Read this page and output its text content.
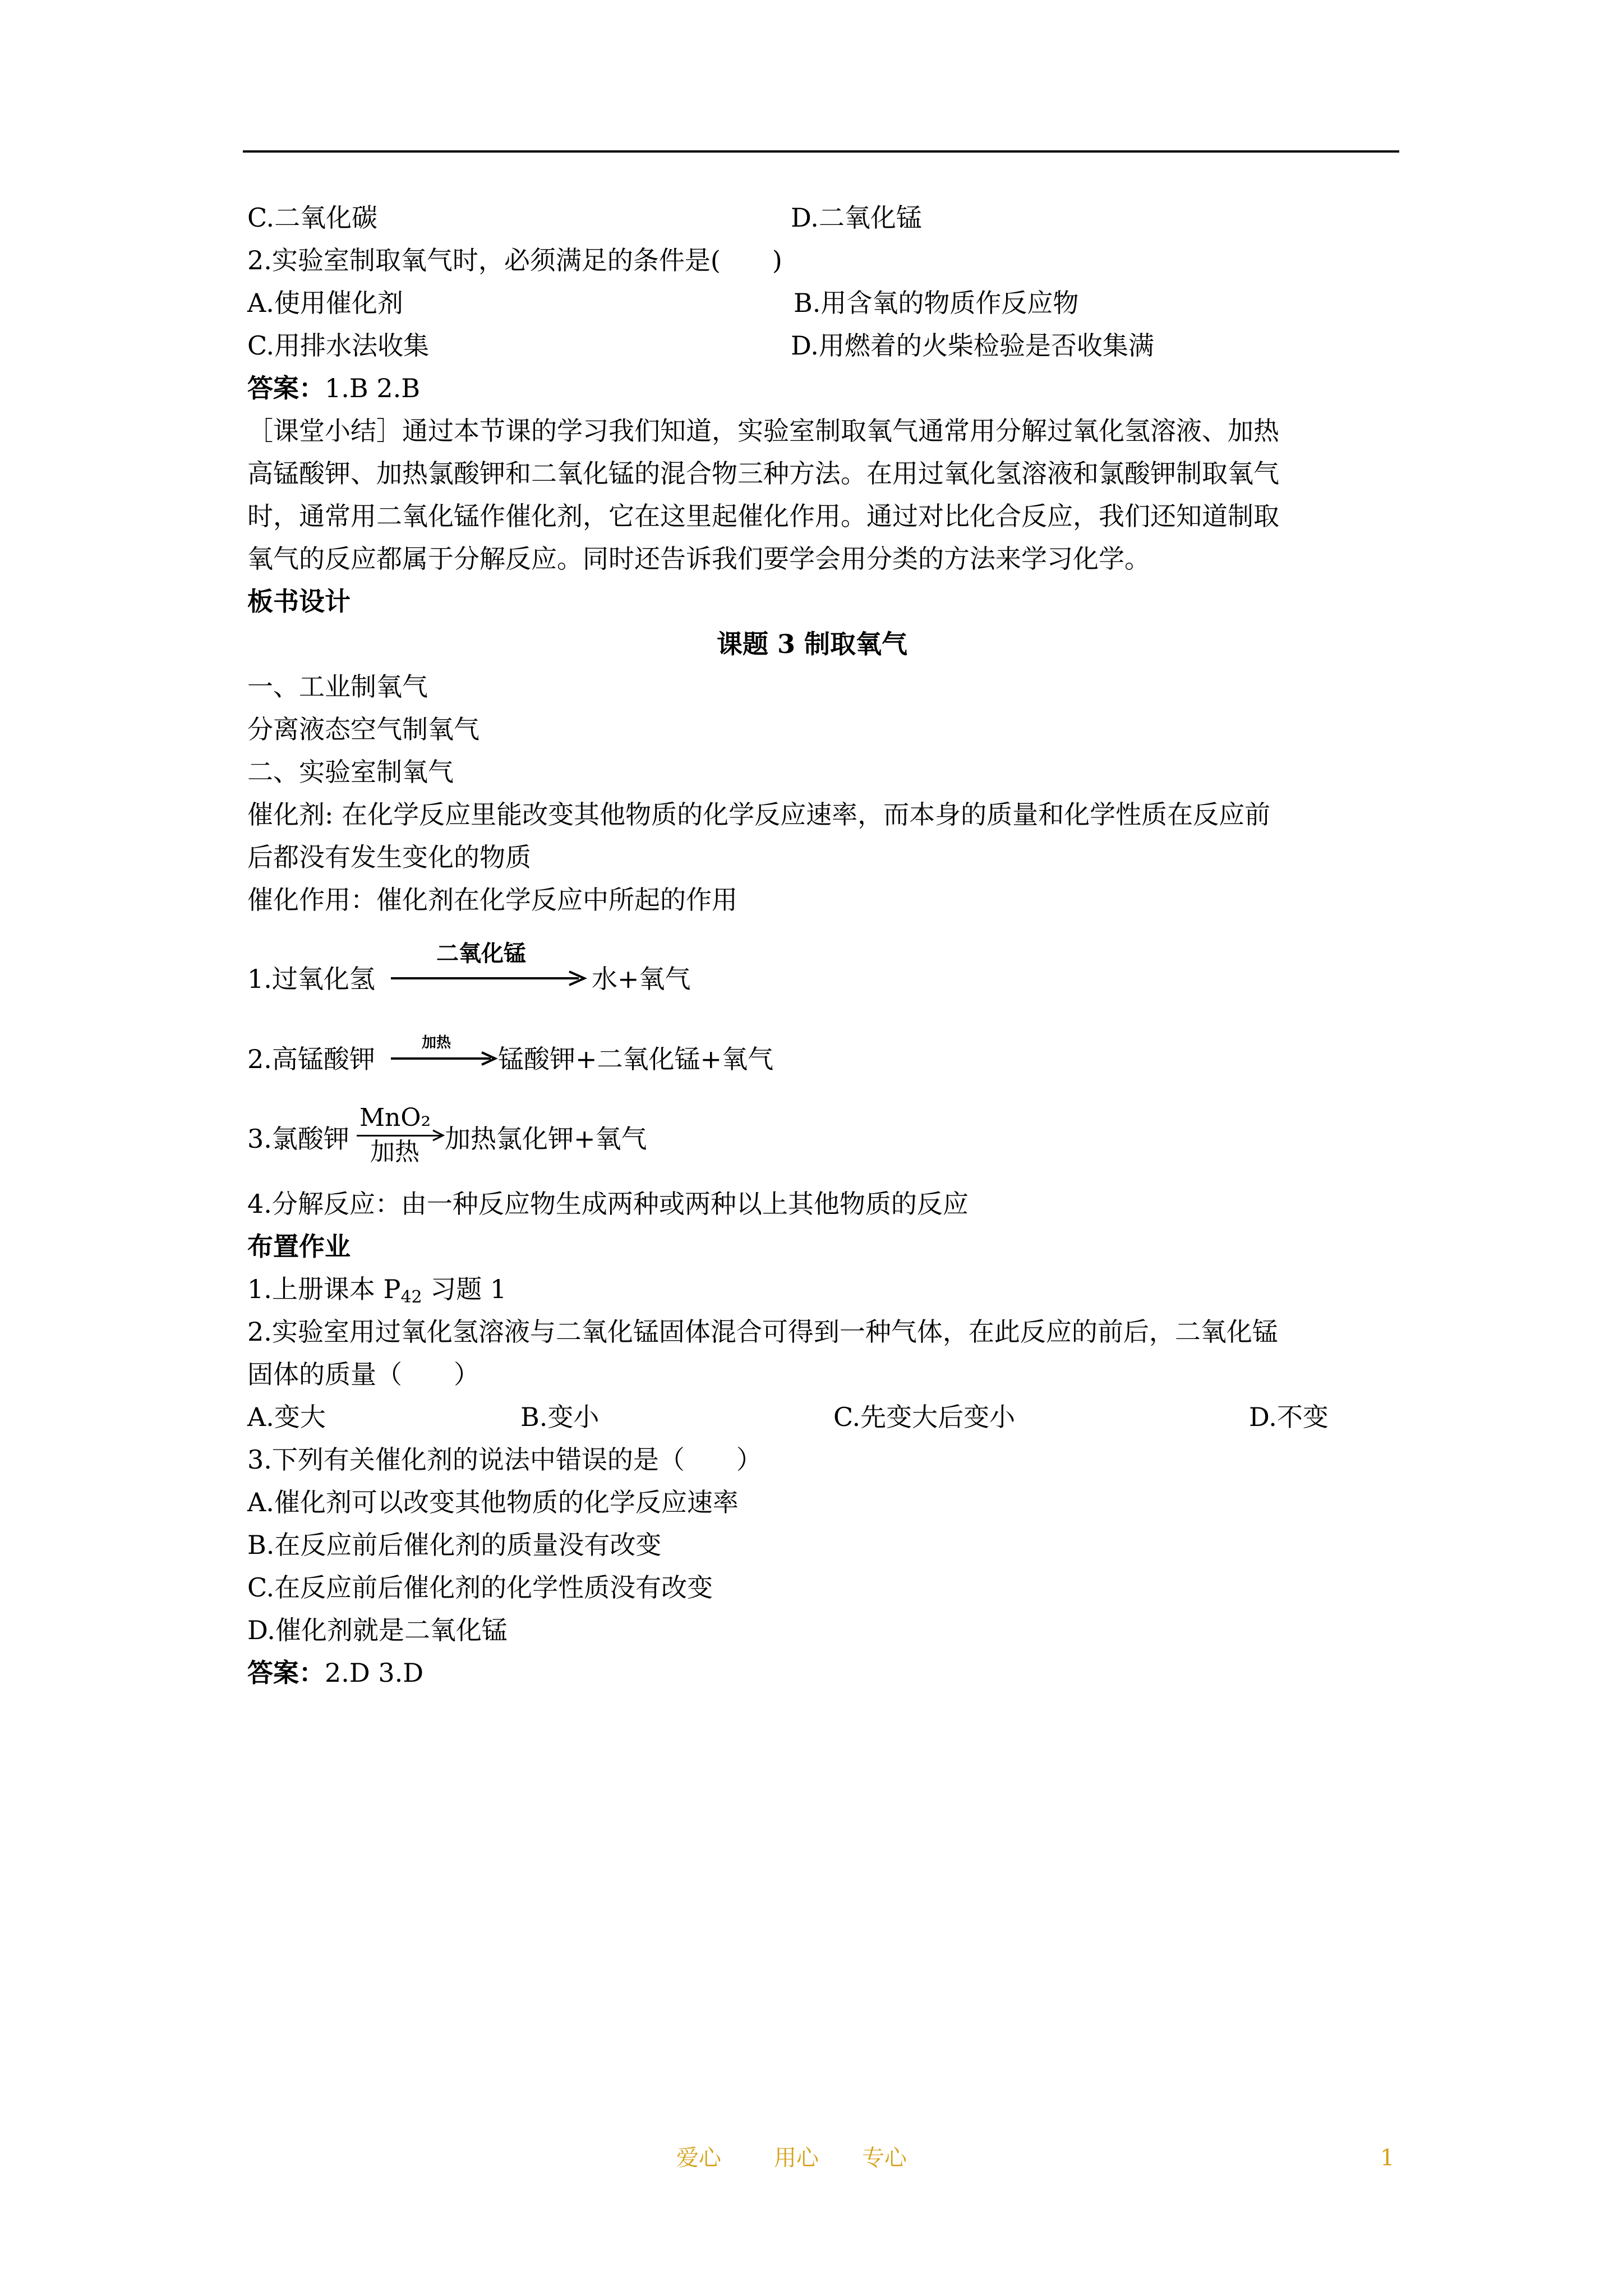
C.二氧化碳	D.二氧化锰
2.实验室制取氧气时，必须满足的条件是(　　)
A.使用催化剂	B.用含氧的物质作反应物
C.用排水法收集	D.用燃着的火柴检验是否收集满
答案：1.B 2.B
［课堂小结］通过本节课的学习我们知道，实验室制取氧气通常用分解过氧化氢溶液、加热
高锰酸钾、加热氯酸钾和二氧化锰的混合物三种方法。在用过氧化氢溶液和氯酸钾制取氧气
时，通常用二氧化锰作催化剂，它在这里起催化作用。通过对比化合反应，我们还知道制取
氧气的反应都属于分解反应。同时还告诉我们要学会用分类的方法来学习化学。
板书设计
课题 3 制取氧气
一、工业制氧气
分离液态空气制氧气
二、实验室制氧气
催化剂: 在化学反应里能改变其他物质的化学反应速率，而本身的质量和化学性质在反应前
后都没有发生变化的物质
催化作用：催化剂在化学反应中所起的作用
1.过氧化氢
二氧化锰
水+氧气
2.高锰酸钾
加热
锰酸钾+二氧化锰+氧气
3.氯酸钾
MnO₂
加热 加热氯化钾+氧气
4.分解反应：由一种反应物生成两种或两种以上其他物质的反应
布置作业
1.上册课本 $P_{42}$ 习题 1
2.实验室用过氧化氢溶液与二氧化锰固体混合可得到一种气体，在此反应的前后，二氧化锰
固体的质量（　　）
A.变大	B.变小	C.先变大后变小	D.不变
3.下列有关催化剂的说法中错误的是（　　）
A.催化剂可以改变其他物质的化学反应速率
B.在反应前后催化剂的质量没有改变
C.在反应前后催化剂的化学性质没有改变
D.催化剂就是二氧化锰
答案：2.D 3.D
爱心 用心 专心	1
